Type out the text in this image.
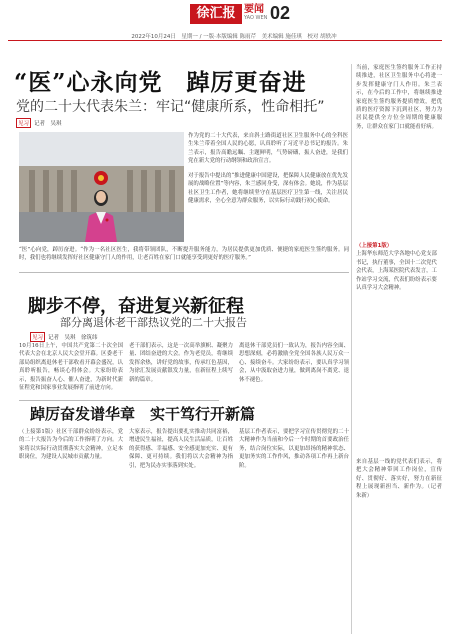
徐汇报 要闻
YAO WEN 02
2022年10月24日　星期一 / 一版·本版编辑 陈雨芹　美术编辑 施佳琪　校对 胡轶冲
“医”心永向党　踔厉更奋进
党的二十大代表朱兰：牢记“健康所系，性命相托”
见习 记者　吴琪
作为党的二十大代表，来自斜土路街道社区卫生服务中心的全科医生朱兰带着全国人民的心愿，认真聆听了习近平总书记的报告。朱兰表示，报告高瞻远瞩、主题鲜明，气势磅礴，振人奋进，是我们党在新大党的行动纲领和政治宣言。
对于报告中提出的“推进健康中国建设，把保障人民健康放在优先发展的战略位置”等内容，朱兰感同身受，深有体会。她说，作为基层社区卫生工作者，她将继续坚守在基层医疗卫生第一线，关注居民健康需求，全心全意为群众服务，以实际行动践行初心使命。
“医”心向党，踔厉奋进。“作为一名社区医生，我将带领团队，不断提升服务能力，为居民提供更加优质、便捷的家庭医生签约服务。同时，我们也将继续发挥好社区健康守门人的作用，让老百姓在家门口就能享受到更好的医疗服务。”
当前，家庭医生签约服务工作正持续推进，社区卫生服务中心将进一步发挥健康守门人作用。朱兰表示，在今后的工作中，将继续推进家庭医生签约服务提质增效，把优质的医疗资源下沉到社区，努力为居民提供全方位全周期的健康服务，让群众在家门口就能看好病。
（上接第1版）
上海华东师范大学各地中心党支部书记，执行董事，全国十二次党代会代表，上海某医院代表发言，工作站学习交流，代表们纷纷表示要认真学习大会精神。
来自基层一线的党代表们表示，将把大会精神带回工作岗位，宣传好、贯彻好、落实好，努力在新征程上展现新担当、新作为。（记者　朱新）
脚步不停，奋进复兴新征程
部分离退休老干部热议党的二十大报告
见习 记者　吴琪　徐筑纬
10月16日上午，中国共产党第二十次全国代表大会在北京人民大会堂开幕。区委老干部局组织离退休老干部收看开幕会盛况，认真聆听报告，畅谈心得体会。大家纷纷表示，报告振奋人心、催人奋进，为新时代新征程党和国家事业发展指明了前进方向。
老干部们表示，这是一次高举旗帜、凝聚力量、团结奋进的大会。作为老党员，将继续发挥余热，讲好党的故事，传承红色基因，为徐汇发展贡献银发力量，在新征程上续写新的篇章。
离退休干部党员们一致认为，报告内容全面、思想深刻，必将激励全党全国各族人民万众一心、接续奋斗。大家纷纷表示，要认真学习领会，从中汲取奋进力量，做到离岗不离党、退休不褪色。
踔厉奋发谱华章　实干笃行开新篇
（上接第1版）社区干部群众纷纷表示，党的二十大报告为今后的工作指明了方向。大家将以实际行动贯彻落实大会精神，立足本职岗位，为建设人民城市贡献力量。
大家表示，报告提出要扎实推动共同富裕，增进民生福祉，提高人民生活品质，让百姓的获得感、幸福感、安全感更加充实、更有保障、更可持续。我们将以大会精神为指引，把为民办实事落到实处。
基层工作者表示，要把学习宣传贯彻党的二十大精神作为当前和今后一个时期的首要政治任务，结合岗位实际，以更加昂扬的精神状态、更加务实的工作作风，推动各项工作再上新台阶。
